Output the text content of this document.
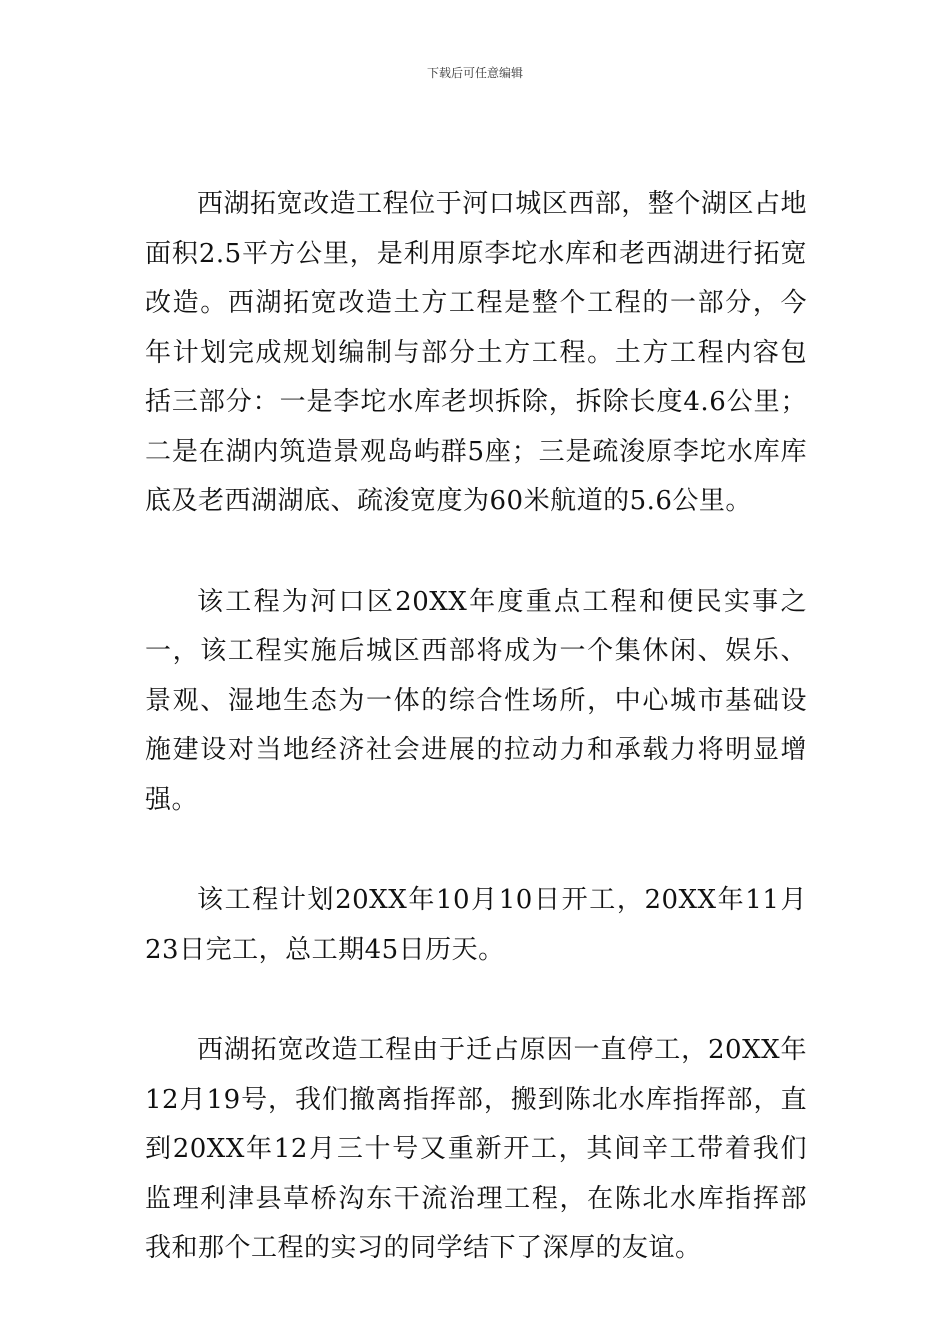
下载后可任意编辑

西湖拓宽改造工程位于河口城区西部，整个湖区占地面积2.5平方公里，是利用原李坨水库和老西湖进行拓宽改造。西湖拓宽改造土方工程是整个工程的一部分，今年计划完成规划编制与部分土方工程。土方工程内容包括三部分：一是李坨水库老坝拆除，拆除长度4.6公里；二是在湖内筑造景观岛屿群5座；三是疏浚原李坨水库库底及老西湖湖底、疏浚宽度为60米航道的5.6公里。

该工程为河口区20XX年度重点工程和便民实事之一，该工程实施后城区西部将成为一个集休闲、娱乐、景观、湿地生态为一体的综合性场所，中心城市基础设施建设对当地经济社会进展的拉动力和承载力将明显增强。

该工程计划20XX年10月10日开工，20XX年11月23日完工，总工期45日历天。

西湖拓宽改造工程由于迁占原因一直停工，20XX年12月19号，我们撤离指挥部，搬到陈北水库指挥部，直到20XX年12月三十号又重新开工，其间辛工带着我们监理利津县草桥沟东干流治理工程，在陈北水库指挥部我和那个工程的实习的同学结下了深厚的友谊。
